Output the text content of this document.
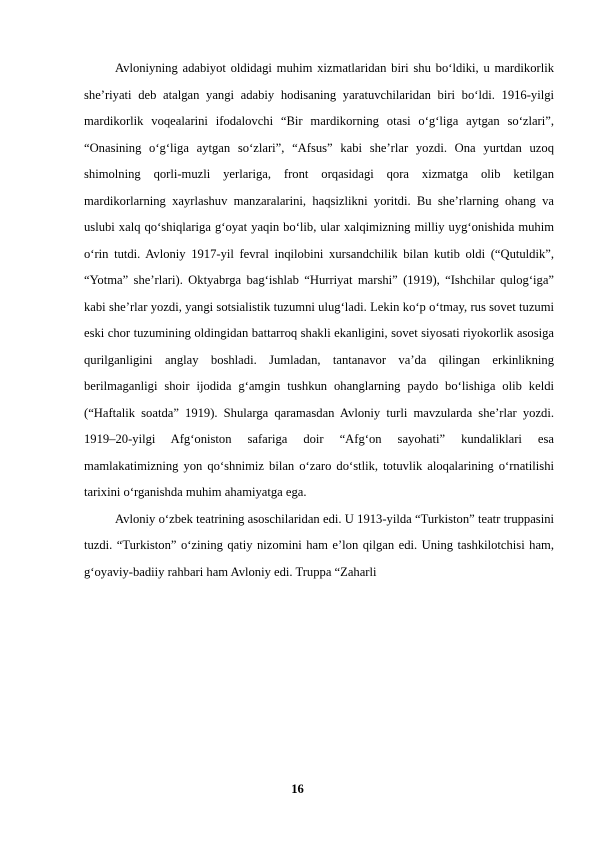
Avloniyning adabiyot oldidagi muhim xizmatlaridan biri shu boʻldiki, u mardikorlik sheʼriyati deb atalgan yangi adabiy hodisaning yaratuvchilaridan biri boʻldi. 1916-yilgi mardikorlik voqealarini ifodalovchi “Bir mardikorning otasi oʻgʻliga aytgan soʻzlari”, “Onasining oʻgʻliga aytgan soʻzlari”, “Afsus” kabi sheʼrlar yozdi. Ona yurtdan uzoq shimolning qorli-muzli yerlariga, front orqasidagi qora xizmatga olib ketilgan mardikorlarning xayrlashuv manzaralarini, haqsizlikni yoritdi. Bu sheʼrlarning ohang va uslubi xalq qoʻshiqlariga gʻoyat yaqin boʻlib, ular xalqimizning milliy uygʻonishida muhim oʻrin tutdi. Avloniy 1917-yil fevral inqilobini xursandchilik bilan kutib oldi (“Qutuldik”, “Yotma” sheʼrlari). Oktyabrga bagʻishlab “Hurriyat marshi” (1919), “Ishchilar qulogʻiga” kabi sheʼrlar yozdi, yangi sotsialistik tuzumni ulugʻladi. Lekin koʻp oʻtmay, rus sovet tuzumi eski chor tuzumining oldingidan battarroq shakli ekanligini, sovet siyosati riyokorlik asosiga qurilganligini anglay boshladi. Jumladan, tantanavor vaʼda qilingan erkinlikning berilmaganligi shoir ijodida gʻamgin tushkun ohanglarning paydo boʻlishiga olib keldi (“Haftalik soatda” 1919). Shularga qaramasdan Avloniy turli mavzularda sheʼrlar yozdi. 1919–20-yilgi Afgʻoniston safariga doir “Afgʻon sayohati” kundaliklari esa mamlakatimizning yon qoʻshnimiz bilan oʻzaro doʻstlik, totuvlik aloqalarining oʻrnatilishi tarixini oʻrganishda muhim ahamiyatga ega.

Avloniy oʻzbek teatrining asoschilaridan edi. U 1913-yilda “Turkiston” teatr truppasini tuzdi. “Turkiston” oʻzining qatiy nizomini ham eʼlon qilgan edi. Uning tashkilotchisi ham, gʻoyaviy-badiiy rahbari ham Avloniy edi. Truppa “Zaharli

16
